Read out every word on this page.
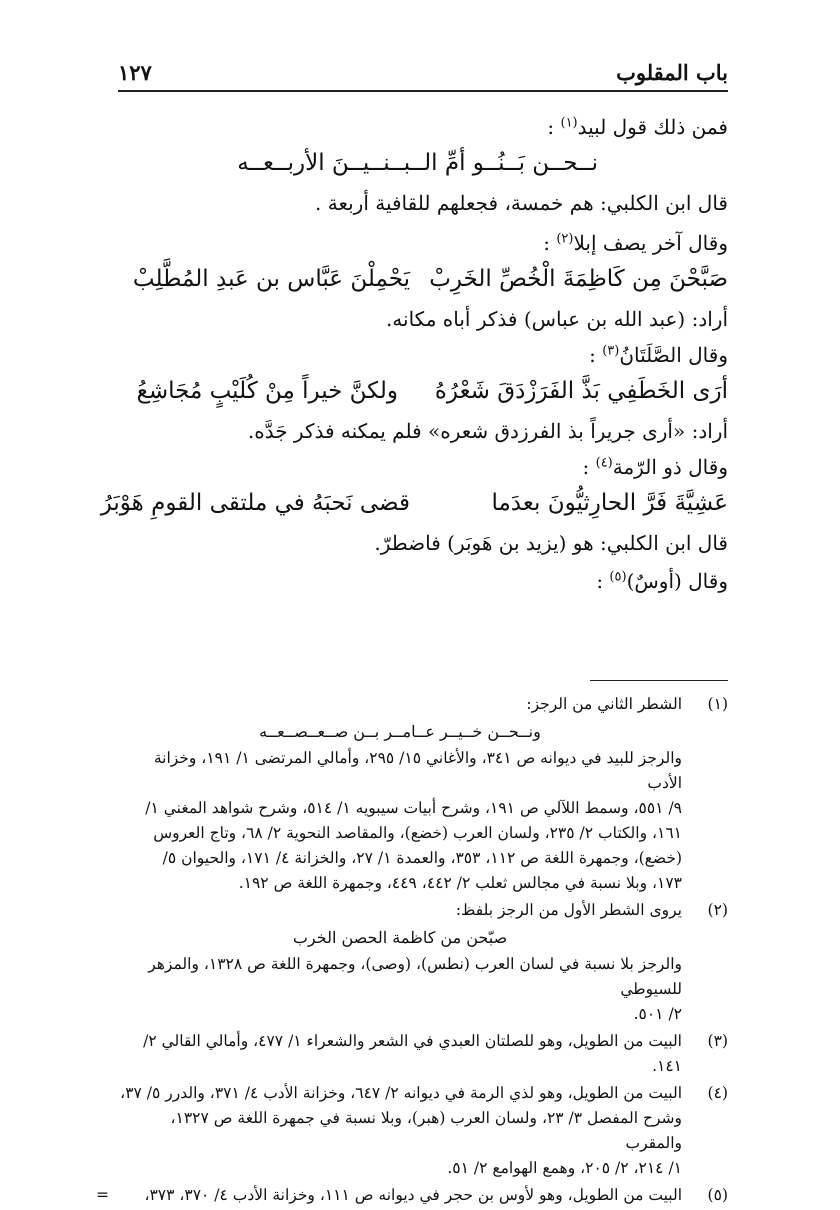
باب المقلوب
١٢٧

فمن ذلك قول لبيد$^{(١)}$ :

نــحــن بَــنُــو أمِّ الــبــنــيــنَ الأربــعــه

قال ابن الكلبي: هم خمسة، فجعلهم للقافية أربعة .

وقال آخر يصف إبلا$^{(٢)}$ :

صَبَّحْنَ مِن كَاظِمَةَ الْخُصِّ الخَرِبْ
يَحْمِلْنَ عَبَّاس بن عَبدِ المُطَّلِبْ

أراد: (عبد الله بن عباس) فذكر أباه مكانه.

وقال الصَّلَتَانُ$^{(٣)}$ :

أرَى الخَطَفِي بَذَّ الفَرَزْدَقَ شَعْرُهُ
ولكنَّ خيراً مِنْ كُلَيْبٍ مُجَاشِعُ

أراد: «أرى جريراً بذ الفرزدق شعره» فلم يمكنه فذكر جَدَّه.

وقال ذو الرّمة$^{(٤)}$ :

عَشِيَّةَ فَرَّ الحارِثيُّونَ بعدَما
قضى نَحبَهُ في ملتقى القومِ هَوْبَرُ

قال ابن الكلبي: هو (يزيد بن هَوبَر) فاضطرّ.

وقال (أوسٌ)$^{(٥)}$ :

(١)
الشطر الثاني من الرجز:
ونــحــن خــيــر عــامــر بــن صــعــصــعــه
والرجز للبيد في ديوانه ص ٣٤١، والأغاني ١٥/ ٢٩٥، وأمالي المرتضى ١/ ١٩١، وخزانة الأدب
٩/ ٥٥١، وسمط اللآلي ص ١٩١، وشرح أبيات سيبويه ١/ ٥١٤، وشرح شواهد المغني ١/
١٦١، والكتاب ٢/ ٢٣٥، ولسان العرب (خضع)، والمقاصد النحوية ٢/ ٦٨، وتاج العروس
(خضع)، وجمهرة اللغة ص ١١٢، ٣٥٣، والعمدة ١/ ٢٧، والخزانة ٤/ ١٧١، والحيوان ٥/
١٧٣، وبلا نسبة في مجالس ثعلب ٢/ ٤٤٢، ٤٤٩، وجمهرة اللغة ص ١٩٢.
(٢)
يروى الشطر الأول من الرجز بلفظ:
صبّحن من كاظمة الحصن الخرب
والرجز بلا نسبة في لسان العرب (نطس)، (وصى)، وجمهرة اللغة ص ١٣٢٨، والمزهر للسيوطي
٢/ ٥٠١.
(٣)
البيت من الطويل، وهو للصلتان العبدي في الشعر والشعراء ١/ ٤٧٧، وأمالي القالي ٢/ ١٤١.
(٤)
البيت من الطويل، وهو لذي الرمة في ديوانه ٢/ ٦٤٧، وخزانة الأدب ٤/ ٣٧١، والدرر ٥/ ٣٧،
وشرح المفصل ٣/ ٢٣، ولسان العرب (هبر)، وبلا نسبة في جمهرة اللغة ص ١٣٢٧، والمقرب
١/ ٢١٤، ٢/ ٢٠٥، وهمع الهوامع ٢/ ٥١.
(٥)
البيت من الطويل، وهو لأوس بن حجر في ديوانه ص ١١١، وخزانة الأدب ٤/ ٣٧٠، ٣٧٣،
=
